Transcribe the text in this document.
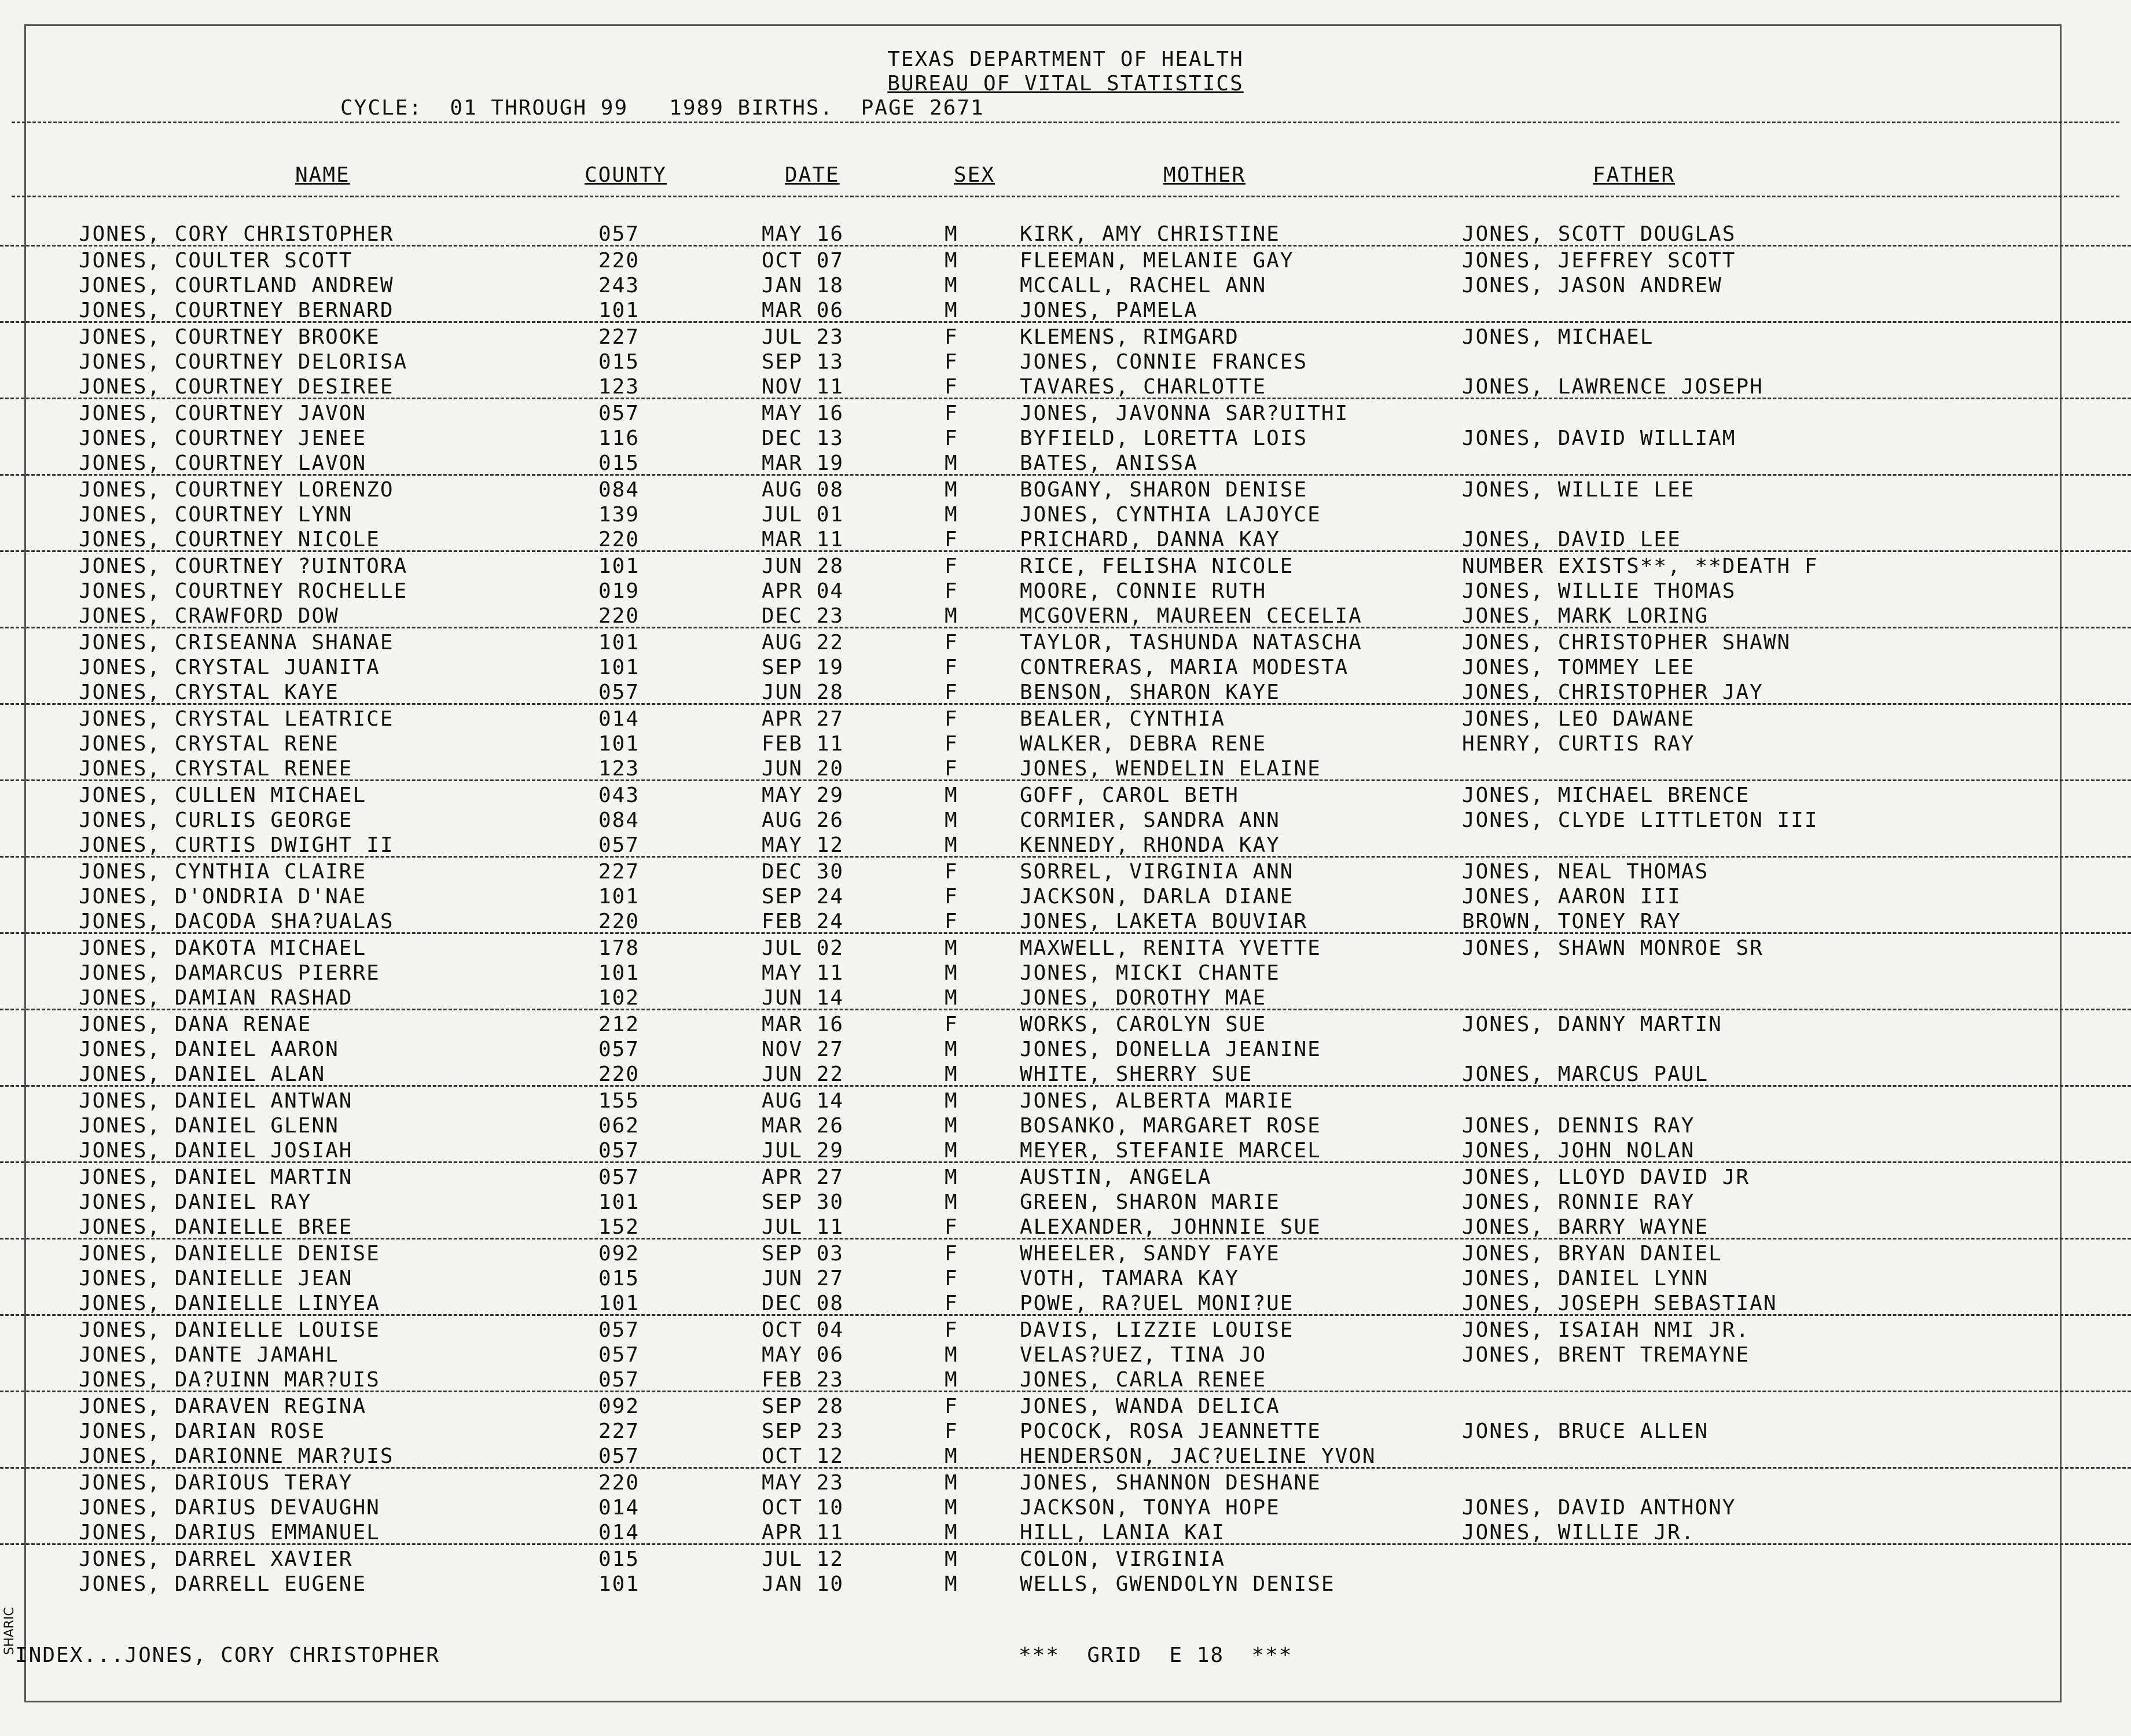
TEXAS DEPARTMENT OF HEALTH
BUREAU OF VITAL STATISTICS
CYCLE:  01 THROUGH 99   1989 BIRTHS.  PAGE 2671
NAME	COUNTY	DATE	SEX	MOTHER	FATHER
JONES, CORY CHRISTOPHER	057	MAY 16	M	KIRK, AMY CHRISTINE	JONES, SCOTT DOUGLAS
JONES, COULTER SCOTT	220	OCT 07	M	FLEEMAN, MELANIE GAY	JONES, JEFFREY SCOTT
JONES, COURTLAND ANDREW	243	JAN 18	M	MCCALL, RACHEL ANN	JONES, JASON ANDREW
JONES, COURTNEY BERNARD	101	MAR 06	M	JONES, PAMELA
JONES, COURTNEY BROOKE	227	JUL 23	F	KLEMENS, RIMGARD	JONES, MICHAEL
JONES, COURTNEY DELORISA	015	SEP 13	F	JONES, CONNIE FRANCES
JONES, COURTNEY DESIREE	123	NOV 11	F	TAVARES, CHARLOTTE	JONES, LAWRENCE JOSEPH
JONES, COURTNEY JAVON	057	MAY 16	F	JONES, JAVONNA SAR?UITHI
JONES, COURTNEY JENEE	116	DEC 13	F	BYFIELD, LORETTA LOIS	JONES, DAVID WILLIAM
JONES, COURTNEY LAVON	015	MAR 19	M	BATES, ANISSA
JONES, COURTNEY LORENZO	084	AUG 08	M	BOGANY, SHARON DENISE	JONES, WILLIE LEE
JONES, COURTNEY LYNN	139	JUL 01	M	JONES, CYNTHIA LAJOYCE
JONES, COURTNEY NICOLE	220	MAR 11	F	PRICHARD, DANNA KAY	JONES, DAVID LEE
JONES, COURTNEY ?UINTORA	101	JUN 28	F	RICE, FELISHA NICOLE	NUMBER EXISTS**, **DEATH F
JONES, COURTNEY ROCHELLE	019	APR 04	F	MOORE, CONNIE RUTH	JONES, WILLIE THOMAS
JONES, CRAWFORD DOW	220	DEC 23	M	MCGOVERN, MAUREEN CECELIA	JONES, MARK LORING
JONES, CRISEANNA SHANAE	101	AUG 22	F	TAYLOR, TASHUNDA NATASCHA	JONES, CHRISTOPHER SHAWN
JONES, CRYSTAL JUANITA	101	SEP 19	F	CONTRERAS, MARIA MODESTA	JONES, TOMMEY LEE
JONES, CRYSTAL KAYE	057	JUN 28	F	BENSON, SHARON KAYE	JONES, CHRISTOPHER JAY
JONES, CRYSTAL LEATRICE	014	APR 27	F	BEALER, CYNTHIA	JONES, LEO DAWANE
JONES, CRYSTAL RENE	101	FEB 11	F	WALKER, DEBRA RENE	HENRY, CURTIS RAY
JONES, CRYSTAL RENEE	123	JUN 20	F	JONES, WENDELIN ELAINE
JONES, CULLEN MICHAEL	043	MAY 29	M	GOFF, CAROL BETH	JONES, MICHAEL BRENCE
JONES, CURLIS GEORGE	084	AUG 26	M	CORMIER, SANDRA ANN	JONES, CLYDE LITTLETON III
JONES, CURTIS DWIGHT II	057	MAY 12	M	KENNEDY, RHONDA KAY
JONES, CYNTHIA CLAIRE	227	DEC 30	F	SORREL, VIRGINIA ANN	JONES, NEAL THOMAS
JONES, D'ONDRIA D'NAE	101	SEP 24	F	JACKSON, DARLA DIANE	JONES, AARON III
JONES, DACODA SHA?UALAS	220	FEB 24	F	JONES, LAKETA BOUVIAR	BROWN, TONEY RAY
JONES, DAKOTA MICHAEL	178	JUL 02	M	MAXWELL, RENITA YVETTE	JONES, SHAWN MONROE SR
JONES, DAMARCUS PIERRE	101	MAY 11	M	JONES, MICKI CHANTE
JONES, DAMIAN RASHAD	102	JUN 14	M	JONES, DOROTHY MAE
JONES, DANA RENAE	212	MAR 16	F	WORKS, CAROLYN SUE	JONES, DANNY MARTIN
JONES, DANIEL AARON	057	NOV 27	M	JONES, DONELLA JEANINE
JONES, DANIEL ALAN	220	JUN 22	M	WHITE, SHERRY SUE	JONES, MARCUS PAUL
JONES, DANIEL ANTWAN	155	AUG 14	M	JONES, ALBERTA MARIE
JONES, DANIEL GLENN	062	MAR 26	M	BOSANKO, MARGARET ROSE	JONES, DENNIS RAY
JONES, DANIEL JOSIAH	057	JUL 29	M	MEYER, STEFANIE MARCEL	JONES, JOHN NOLAN
JONES, DANIEL MARTIN	057	APR 27	M	AUSTIN, ANGELA	JONES, LLOYD DAVID JR
JONES, DANIEL RAY	101	SEP 30	M	GREEN, SHARON MARIE	JONES, RONNIE RAY
JONES, DANIELLE BREE	152	JUL 11	F	ALEXANDER, JOHNNIE SUE	JONES, BARRY WAYNE
JONES, DANIELLE DENISE	092	SEP 03	F	WHEELER, SANDY FAYE	JONES, BRYAN DANIEL
JONES, DANIELLE JEAN	015	JUN 27	F	VOTH, TAMARA KAY	JONES, DANIEL LYNN
JONES, DANIELLE LINYEA	101	DEC 08	F	POWE, RA?UEL MONI?UE	JONES, JOSEPH SEBASTIAN
JONES, DANIELLE LOUISE	057	OCT 04	F	DAVIS, LIZZIE LOUISE	JONES, ISAIAH NMI JR.
JONES, DANTE JAMAHL	057	MAY 06	M	VELAS?UEZ, TINA JO	JONES, BRENT TREMAYNE
JONES, DA?UINN MAR?UIS	057	FEB 23	M	JONES, CARLA RENEE
JONES, DARAVEN REGINA	092	SEP 28	F	JONES, WANDA DELICA
JONES, DARIAN ROSE	227	SEP 23	F	POCOCK, ROSA JEANNETTE	JONES, BRUCE ALLEN
JONES, DARIONNE MAR?UIS	057	OCT 12	M	HENDERSON, JAC?UELINE YVON
JONES, DARIOUS TERAY	220	MAY 23	M	JONES, SHANNON DESHANE
JONES, DARIUS DEVAUGHN	014	OCT 10	M	JACKSON, TONYA HOPE	JONES, DAVID ANTHONY
JONES, DARIUS EMMANUEL	014	APR 11	M	HILL, LANIA KAI	JONES, WILLIE JR.
JONES, DARREL XAVIER	015	JUL 12	M	COLON, VIRGINIA
JONES, DARRELL EUGENE	101	JAN 10	M	WELLS, GWENDOLYN DENISE
INDEX...JONES, CORY CHRISTOPHER	***  GRID  E 18  ***
SHARIC
